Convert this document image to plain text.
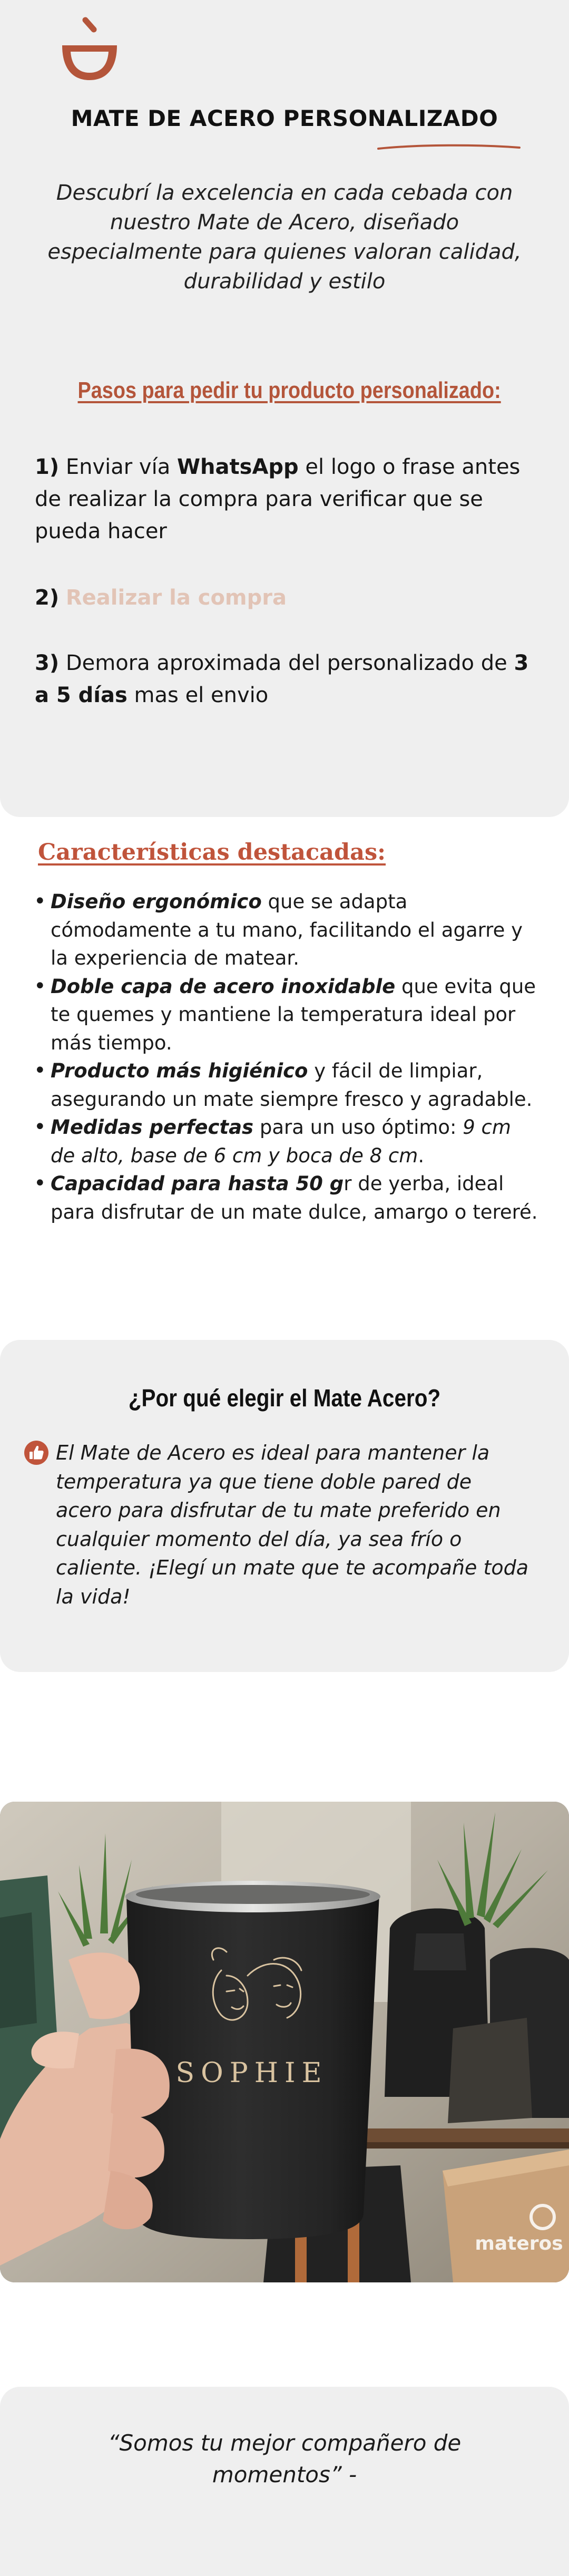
MATE DE ACERO PERSONALIZADO
Descubrí la excelencia en cada cebada con nuestro Mate de Acero, diseñado especialmente para quienes valoran calidad, durabilidad y estilo
Pasos para pedir tu producto personalizado:
1) Enviar vía WhatsApp el logo o frase antes de realizar la compra para verificar que se pueda hacer
2) Realizar la compra
3) Demora aproximada del personalizado de 3 a 5 días mas el envio
Características destacadas:
• Diseño ergonómico que se adapta cómodamente a tu mano, facilitando el agarre y la experiencia de matear.
• Doble capa de acero inoxidable que evita que te quemes y mantiene la temperatura ideal por más tiempo.
• Producto más higiénico y fácil de limpiar, asegurando un mate siempre fresco y agradable.
• Medidas perfectas para un uso óptimo: 9 cm de alto, base de 6 cm y boca de 8 cm.
• Capacidad para hasta 50 gr de yerba, ideal para disfrutar de un mate dulce, amargo o tereré.
¿Por qué elegir el Mate Acero?
El Mate de Acero es ideal para mantener la temperatura ya que tiene doble pared de acero para disfrutar de tu mate preferido en cualquier momento del día, ya sea frío o caliente. ¡Elegí un mate que te acompañe toda la vida!
materos
SOPHIE
“Somos tu mejor compañero de momentos” -
